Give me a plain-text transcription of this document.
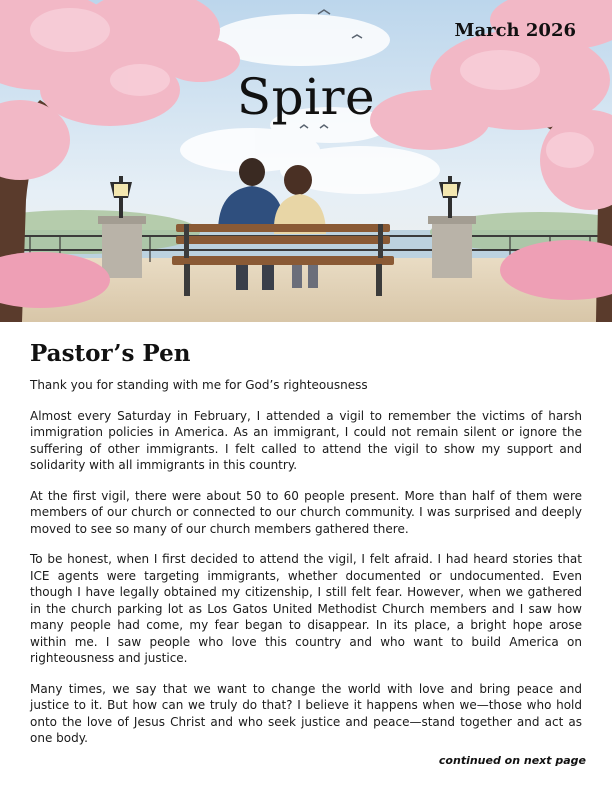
March 2026
Spire
Pastor’s Pen

Thank you for standing with me for God’s righteousness

Almost every Saturday in February, I attended a vigil to remember the victims of harsh immigration policies in America. As an immigrant, I could not remain silent or ignore the suffering of other immigrants. I felt called to attend the vigil to show my support and solidarity with all immigrants in this country.

At the first vigil, there were about 50 to 60 people present. More than half of them were members of our church or connected to our church community. I was surprised and deeply moved to see so many of our church members gathered there.

To be honest, when I first decided to attend the vigil, I felt afraid. I had heard stories that ICE agents were targeting immigrants, whether documented or undocumented. Even though I have legally obtained my citizenship, I still felt fear. However, when we gathered in the church parking lot as Los Gatos United Methodist Church members and I saw how many people had come, my fear began to disappear. In its place, a bright hope arose within me. I saw people who love this country and who want to build America on righteousness and justice.

Many times, we say that we want to change the world with love and bring peace and justice to it. But how can we truly do that? I believe it happens when we—those who hold onto the love of Jesus Christ and who seek justice and peace—stand together and act as one body.

continued on next page
